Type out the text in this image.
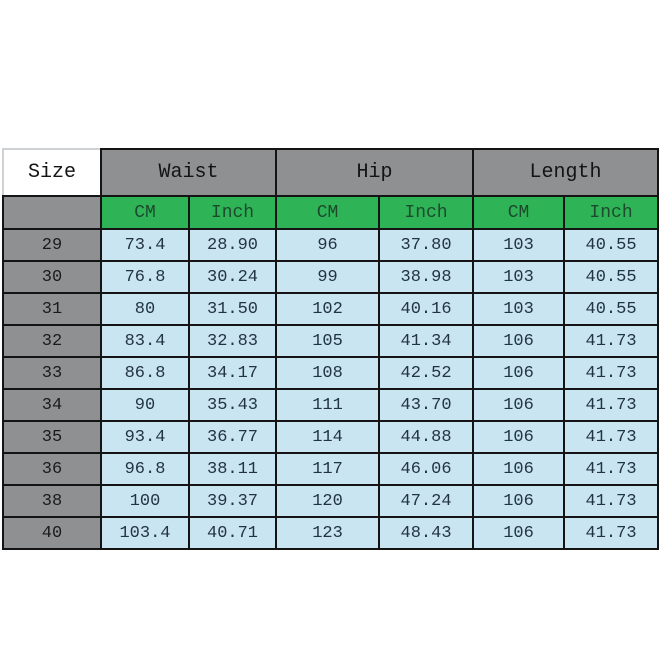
Size	Waist		Hip		Length	
	CM	Inch	CM	Inch	CM	Inch
29	73.4	28.90	96	37.80	103	40.55
30	76.8	30.24	99	38.98	103	40.55
31	80	31.50	102	40.16	103	40.55
32	83.4	32.83	105	41.34	106	41.73
33	86.8	34.17	108	42.52	106	41.73
34	90	35.43	111	43.70	106	41.73
35	93.4	36.77	114	44.88	106	41.73
36	96.8	38.11	117	46.06	106	41.73
38	100	39.37	120	47.24	106	41.73
40	103.4	40.71	123	48.43	106	41.73
